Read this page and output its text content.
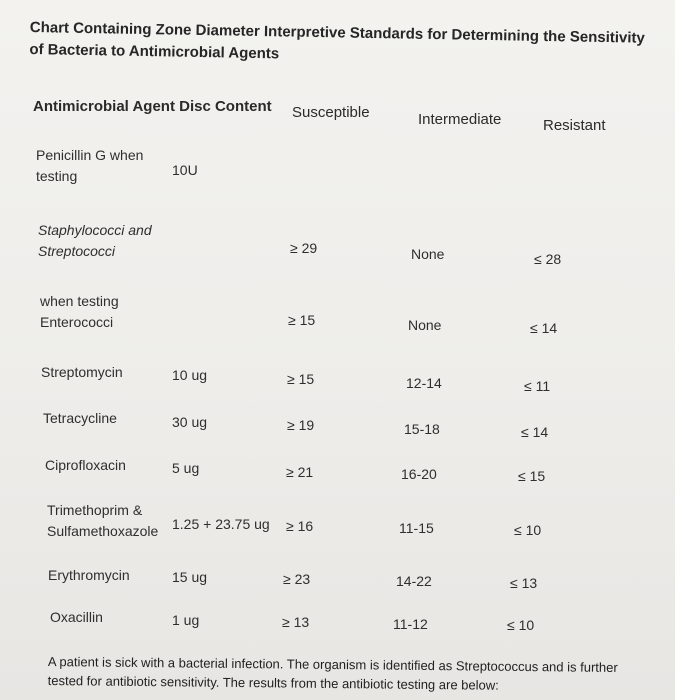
Chart Containing Zone Diameter Interpretive Standards for Determining the Sensitivity of Bacteria to Antimicrobial Agents
Antimicrobial Agent Disc Content Susceptible	Intermediate	Resistant
Penicillin G when testing	10U
Staphylococci and Streptococci	≥ 29	None	≤ 28
when testing Enterococci	≥ 15	None	≤ 14
Streptomycin	10 ug	≥ 15	12-14	≤ 11
Tetracycline	30 ug	≥ 19	15-18	≤ 14
Ciprofloxacin	5 ug	≥ 21	16-20	≤ 15
Trimethoprim & Sulfamethoxazole 1.25 + 23.75 ug ≥ 16	11-15	≤ 10
Erythromycin	15 ug	≥ 23	14-22	≤ 13
Oxacillin	1 ug	≥ 13	11-12	≤ 10
A patient is sick with a bacterial infection. The organism is identified as Streptococcus and is further tested for antibiotic sensitivity. The results from the antibiotic testing are below:
